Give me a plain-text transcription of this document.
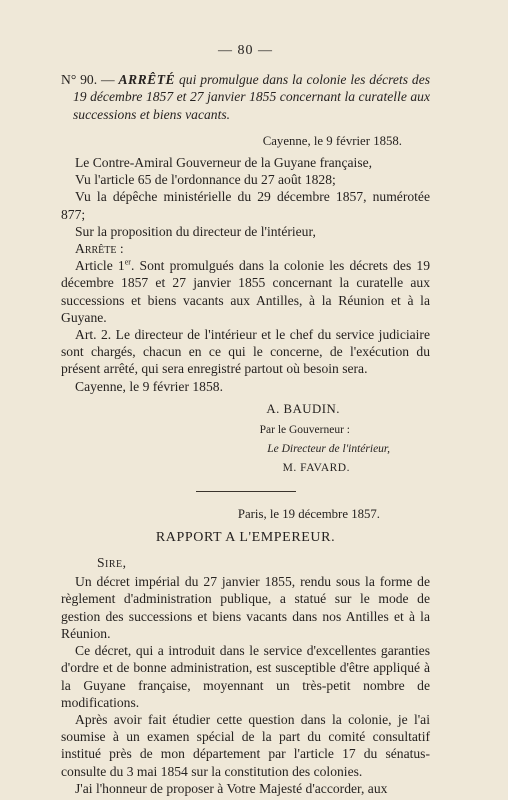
— 80 —

N° 90. — ARRÊTÉ qui promulgue dans la colonie les décrets des 19 décembre 1857 et 27 janvier 1855 concernant la curatelle aux successions et biens vacants.

Cayenne, le 9 février 1858.

Le Contre-Amiral Gouverneur de la Guyane française,

Vu l'article 65 de l'ordonnance du 27 août 1828;

Vu la dépêche ministérielle du 29 décembre 1857, numérotée 877;

Sur la proposition du directeur de l'intérieur,

Arrête :

Article 1er. Sont promulgués dans la colonie les décrets des 19 décembre 1857 et 27 janvier 1855 concernant la curatelle aux successions et biens vacants aux Antilles, à la Réunion et à la Guyane.

Art. 2. Le directeur de l'intérieur et le chef du service judiciaire sont chargés, chacun en ce qui le concerne, de l'exécution du présent arrêté, qui sera enregistré partout où besoin sera.

Cayenne, le 9 février 1858.

A. BAUDIN.
Par le Gouverneur :
Le Directeur de l'intérieur,
M. FAVARD.
Paris, le 19 décembre 1857.
RAPPORT A L'EMPEREUR.
Sire,

Un décret impérial du 27 janvier 1855, rendu sous la forme de règlement d'administration publique, a statué sur le mode de gestion des successions et biens vacants dans nos Antilles et à la Réunion.

Ce décret, qui a introduit dans le service d'excellentes garanties d'ordre et de bonne administration, est susceptible d'être appliqué à la Guyane française, moyennant un très-petit nombre de modifications.

Après avoir fait étudier cette question dans la colonie, je l'ai soumise à un examen spécial de la part du comité consultatif institué près de mon département par l'article 17 du sénatus-consulte du 3 mai 1854 sur la constitution des colonies.

J'ai l'honneur de proposer à Votre Majesté d'accorder, aux
